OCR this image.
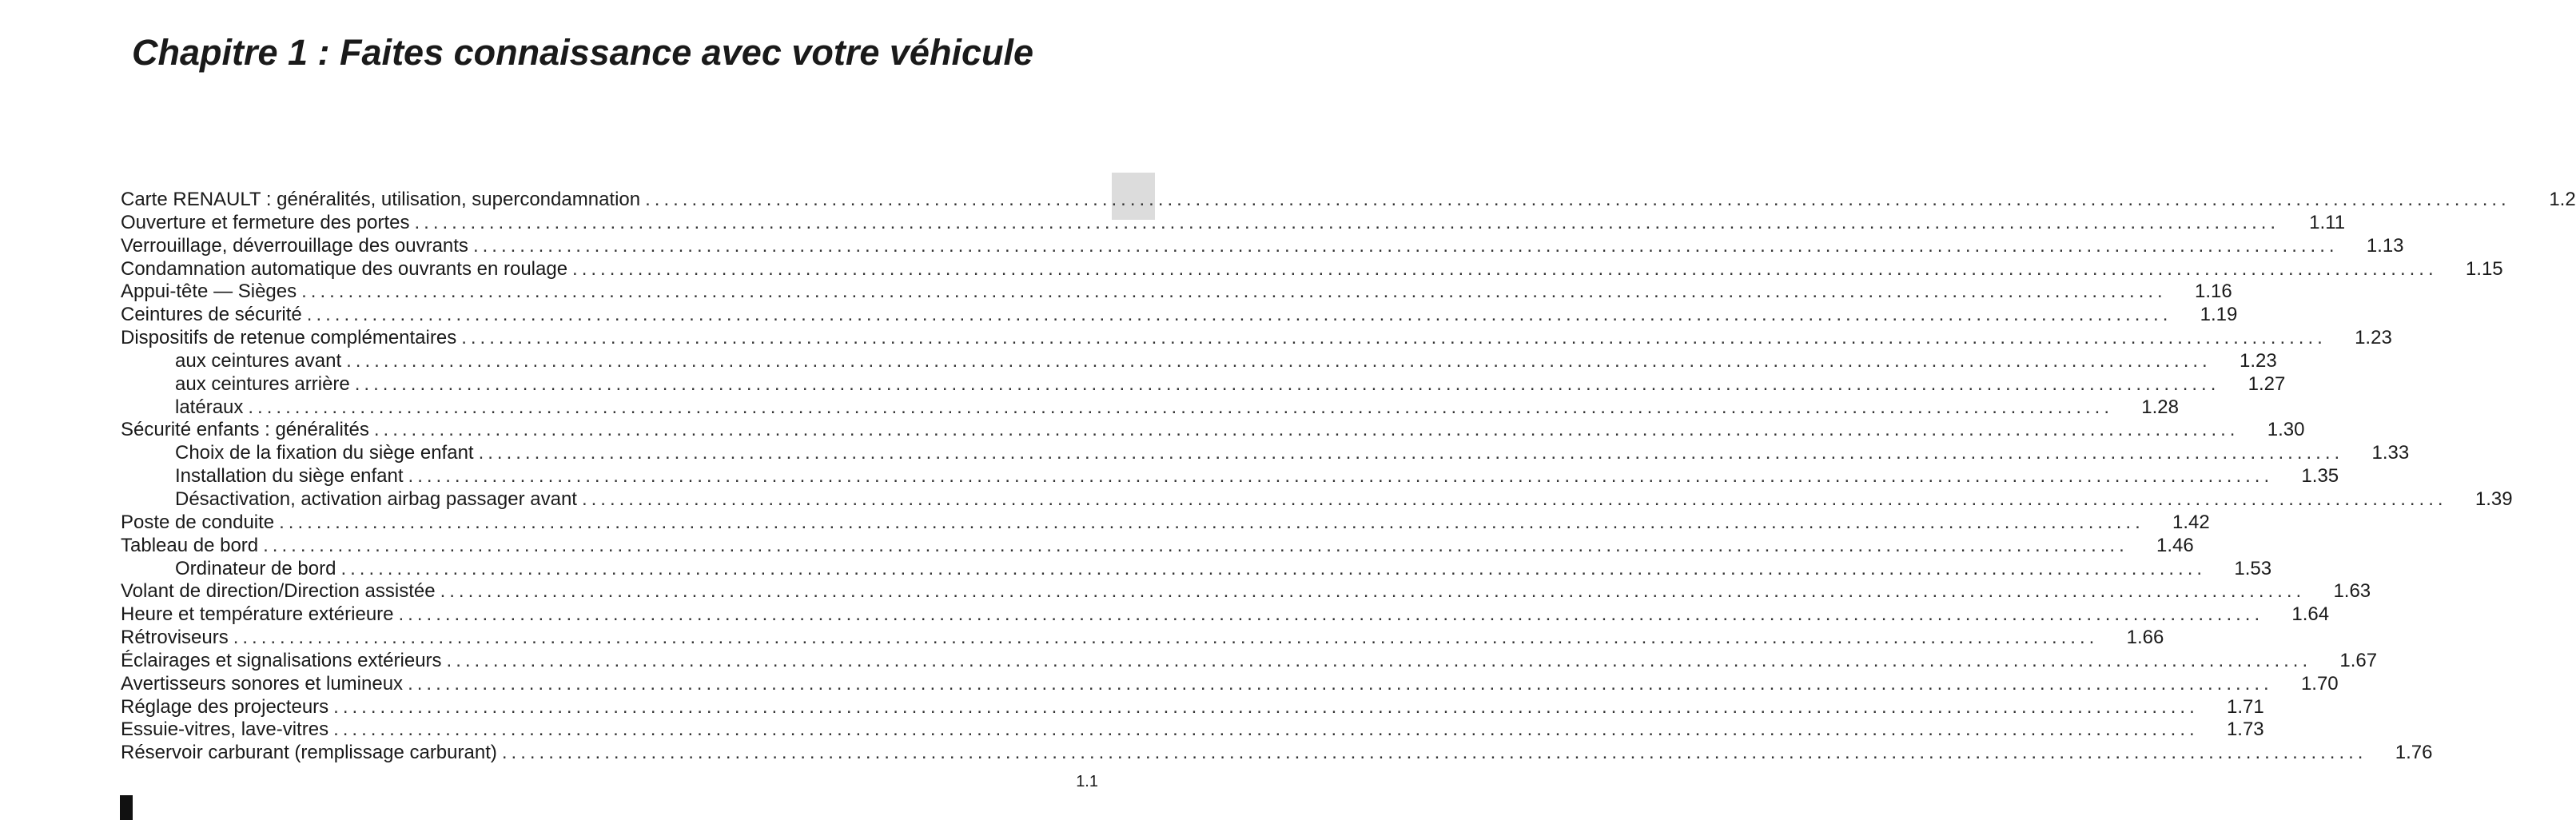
Chapitre 1 : Faites connaissance avec votre véhicule
Carte RENAULT : généralités, utilisation, supercondamnation ........................................................................................................................................................................................................	1.2
Ouverture et fermeture des portes ........................................................................................................................................................................................................	1.11
Verrouillage, déverrouillage des ouvrants ........................................................................................................................................................................................................	1.13
Condamnation automatique des ouvrants en roulage ........................................................................................................................................................................................................	1.15
Appui-tête — Sièges ........................................................................................................................................................................................................	1.16
Ceintures de sécurité ........................................................................................................................................................................................................	1.19
Dispositifs de retenue complémentaires ........................................................................................................................................................................................................	1.23
aux ceintures avant ........................................................................................................................................................................................................	1.23
aux ceintures arrière ........................................................................................................................................................................................................	1.27
latéraux ........................................................................................................................................................................................................	1.28
Sécurité enfants : généralités ........................................................................................................................................................................................................	1.30
Choix de la fixation du siège enfant ........................................................................................................................................................................................................	1.33
Installation du siège enfant ........................................................................................................................................................................................................	1.35
Désactivation, activation airbag passager avant ........................................................................................................................................................................................................	1.39
Poste de conduite ........................................................................................................................................................................................................	1.42
Tableau de bord ........................................................................................................................................................................................................	1.46
Ordinateur de bord ........................................................................................................................................................................................................	1.53
Volant de direction/Direction assistée ........................................................................................................................................................................................................	1.63
Heure et température extérieure ........................................................................................................................................................................................................	1.64
Rétroviseurs ........................................................................................................................................................................................................	1.66
Éclairages et signalisations extérieurs ........................................................................................................................................................................................................	1.67
Avertisseurs sonores et lumineux ........................................................................................................................................................................................................	1.70
Réglage des projecteurs ........................................................................................................................................................................................................	1.71
Essuie-vitres, lave-vitres ........................................................................................................................................................................................................	1.73
Réservoir carburant (remplissage carburant) ........................................................................................................................................................................................................	1.76
1.1
